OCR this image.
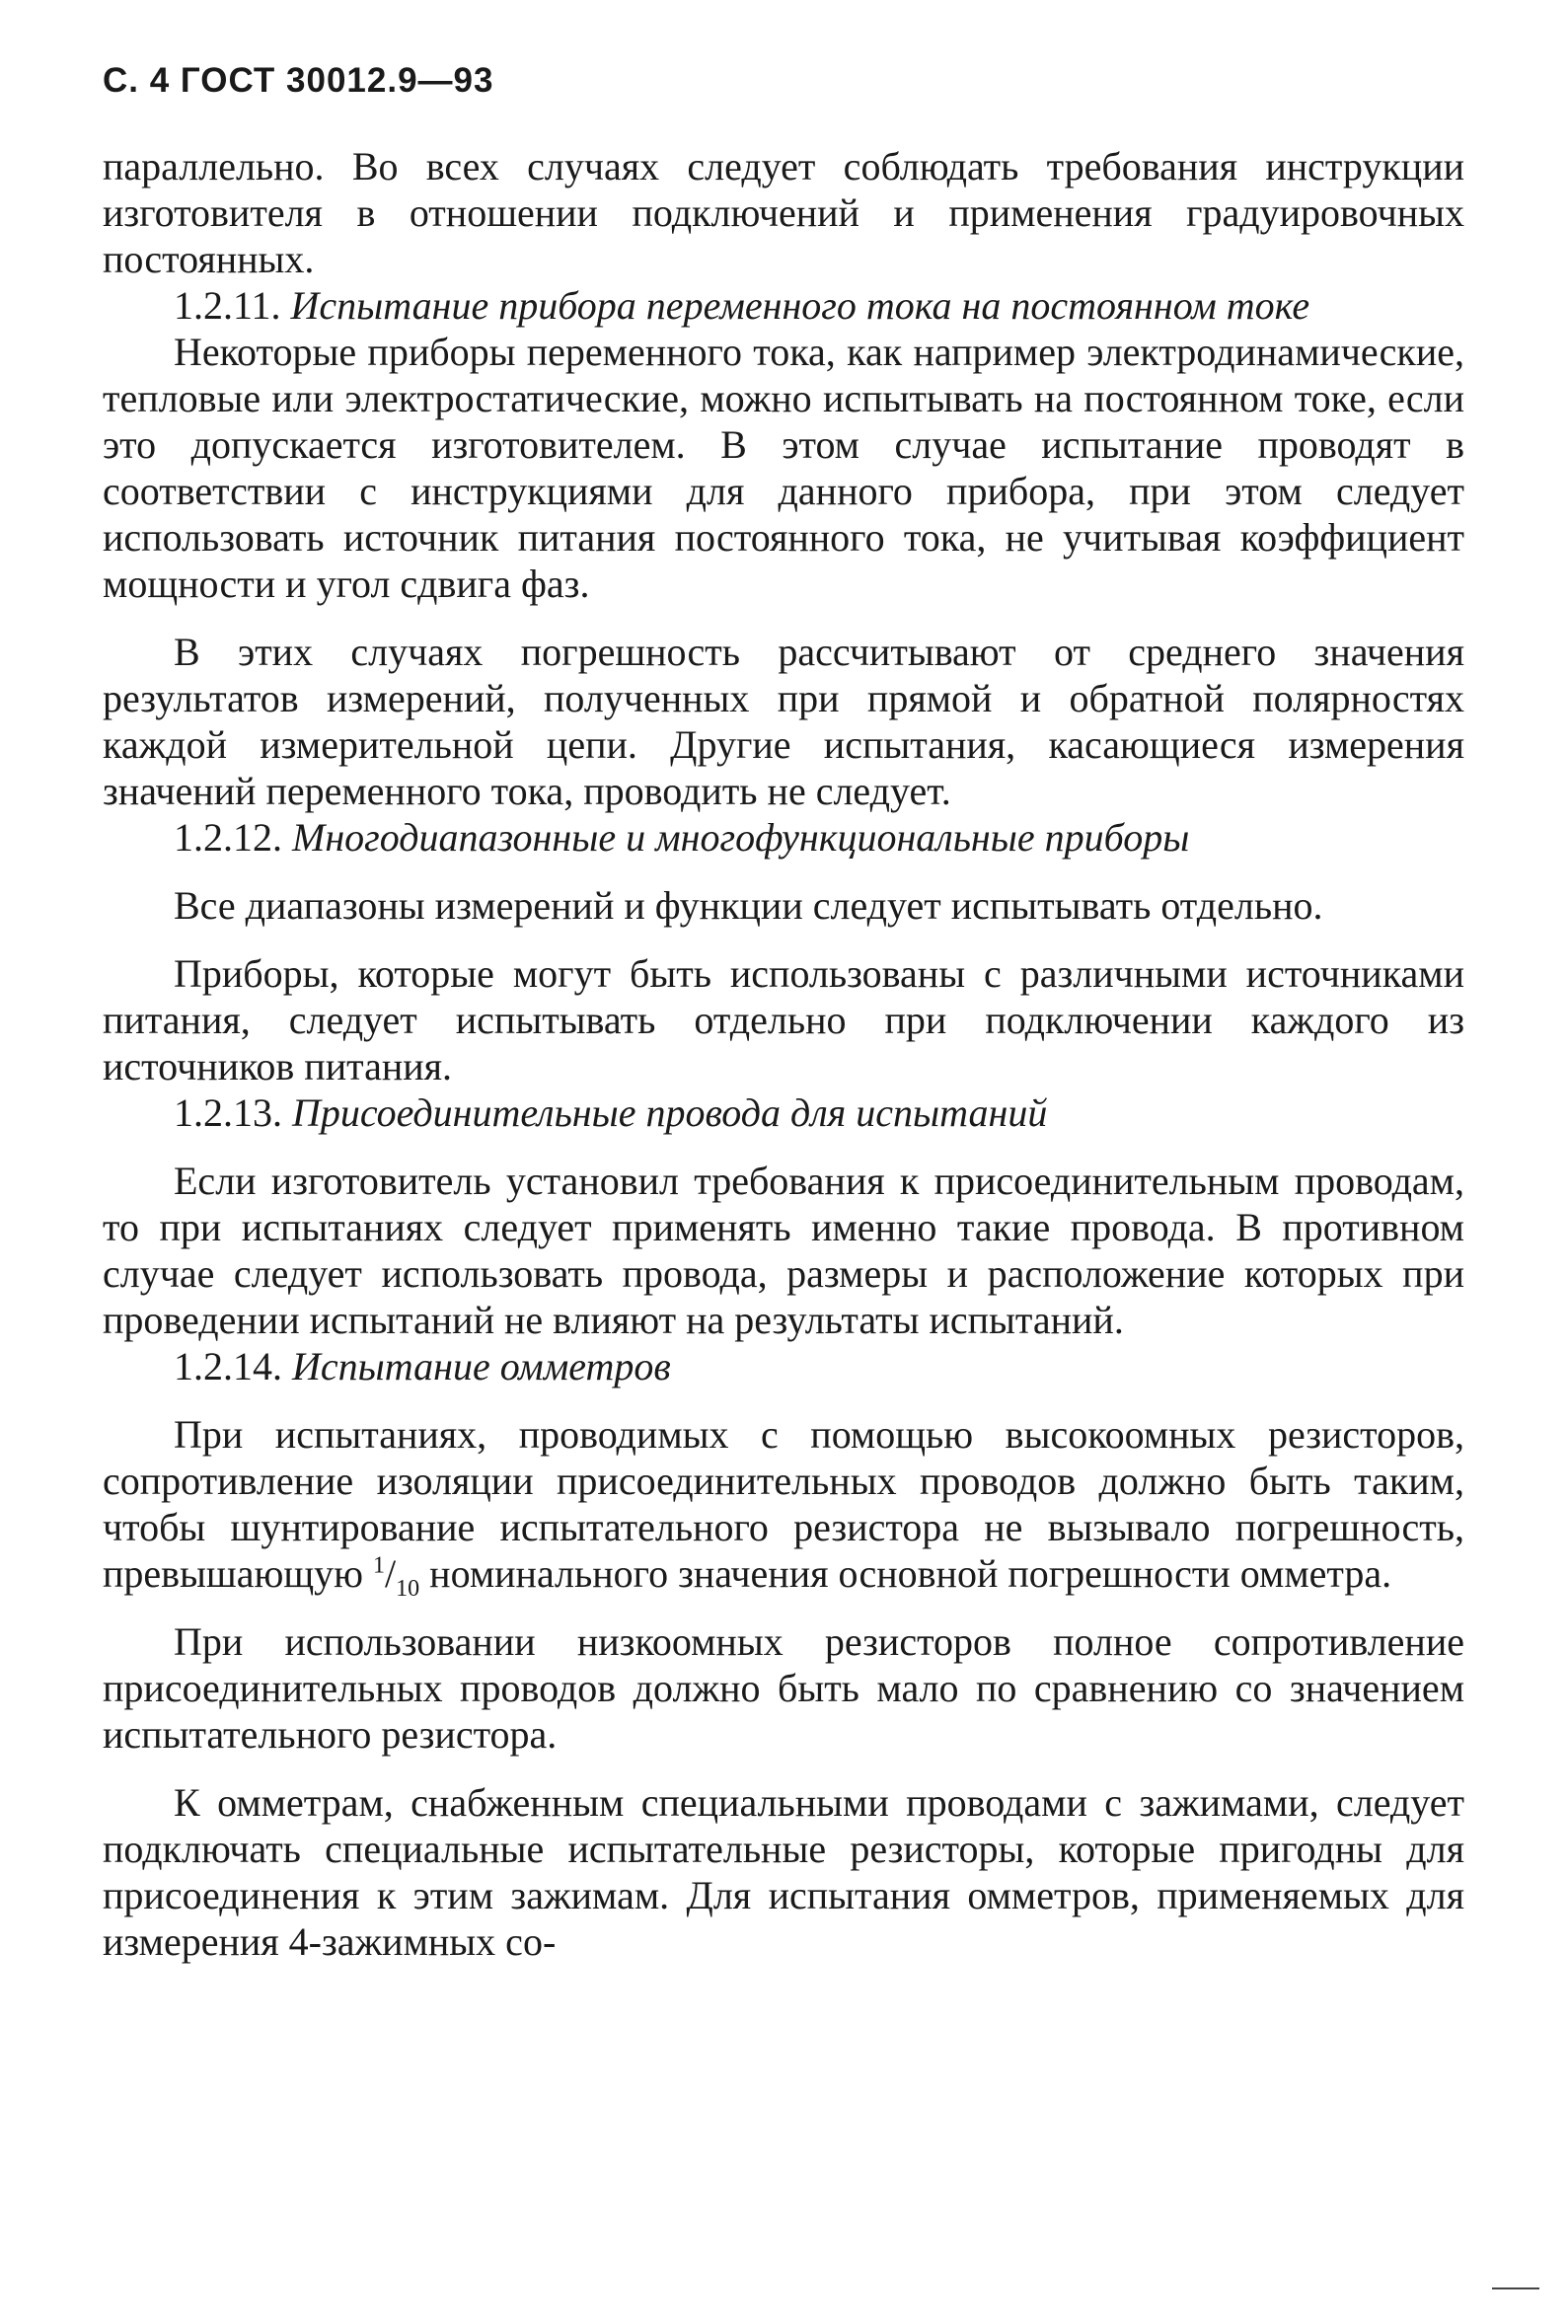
С. 4 ГОСТ 30012.9—93

параллельно. Во всех случаях следует соблюдать требования инструкции изготовителя в отношении подключений и применения градуировочных постоянных.

1.2.11. Испытание прибора переменного тока на постоянном токе

Некоторые приборы переменного тока, как например электродинамические, тепловые или электростатические, можно испытывать на постоянном токе, если это допускается изготовителем. В этом случае испытание проводят в соответствии с инструкциями для данного прибора, при этом следует использовать источник питания постоянного тока, не учитывая коэффициент мощности и угол сдвига фаз.

В этих случаях погрешность рассчитывают от среднего значения результатов измерений, полученных при прямой и обратной полярностях каждой измерительной цепи. Другие испытания, касающиеся измерения значений переменного тока, проводить не следует.

1.2.12. Многодиапазонные и многофункциональные приборы

Все диапазоны измерений и функции следует испытывать отдельно.

Приборы, которые могут быть использованы с различными источниками питания, следует испытывать отдельно при подключении каждого из источников питания.

1.2.13. Присоединительные провода для испытаний

Если изготовитель установил требования к присоединительным проводам, то при испытаниях следует применять именно такие провода. В противном случае следует использовать провода, размеры и расположение которых при проведении испытаний не влияют на результаты испытаний.

1.2.14. Испытание омметров

При испытаниях, проводимых с помощью высокоомных резисторов, сопротивление изоляции присоединительных проводов должно быть таким, чтобы шунтирование испытательного резистора не вызывало погрешность, превышающую $^1/_{10}$ номинального значения основной погрешности омметра.

При использовании низкоомных резисторов полное сопротивление присоединительных проводов должно быть мало по сравнению со значением испытательного резистора.

К омметрам, снабженным специальными проводами с зажимами, следует подключать специальные испытательные резисторы, которые пригодны для присоединения к этим зажимам. Для испытания омметров, применяемых для измерения 4-зажимных со-
